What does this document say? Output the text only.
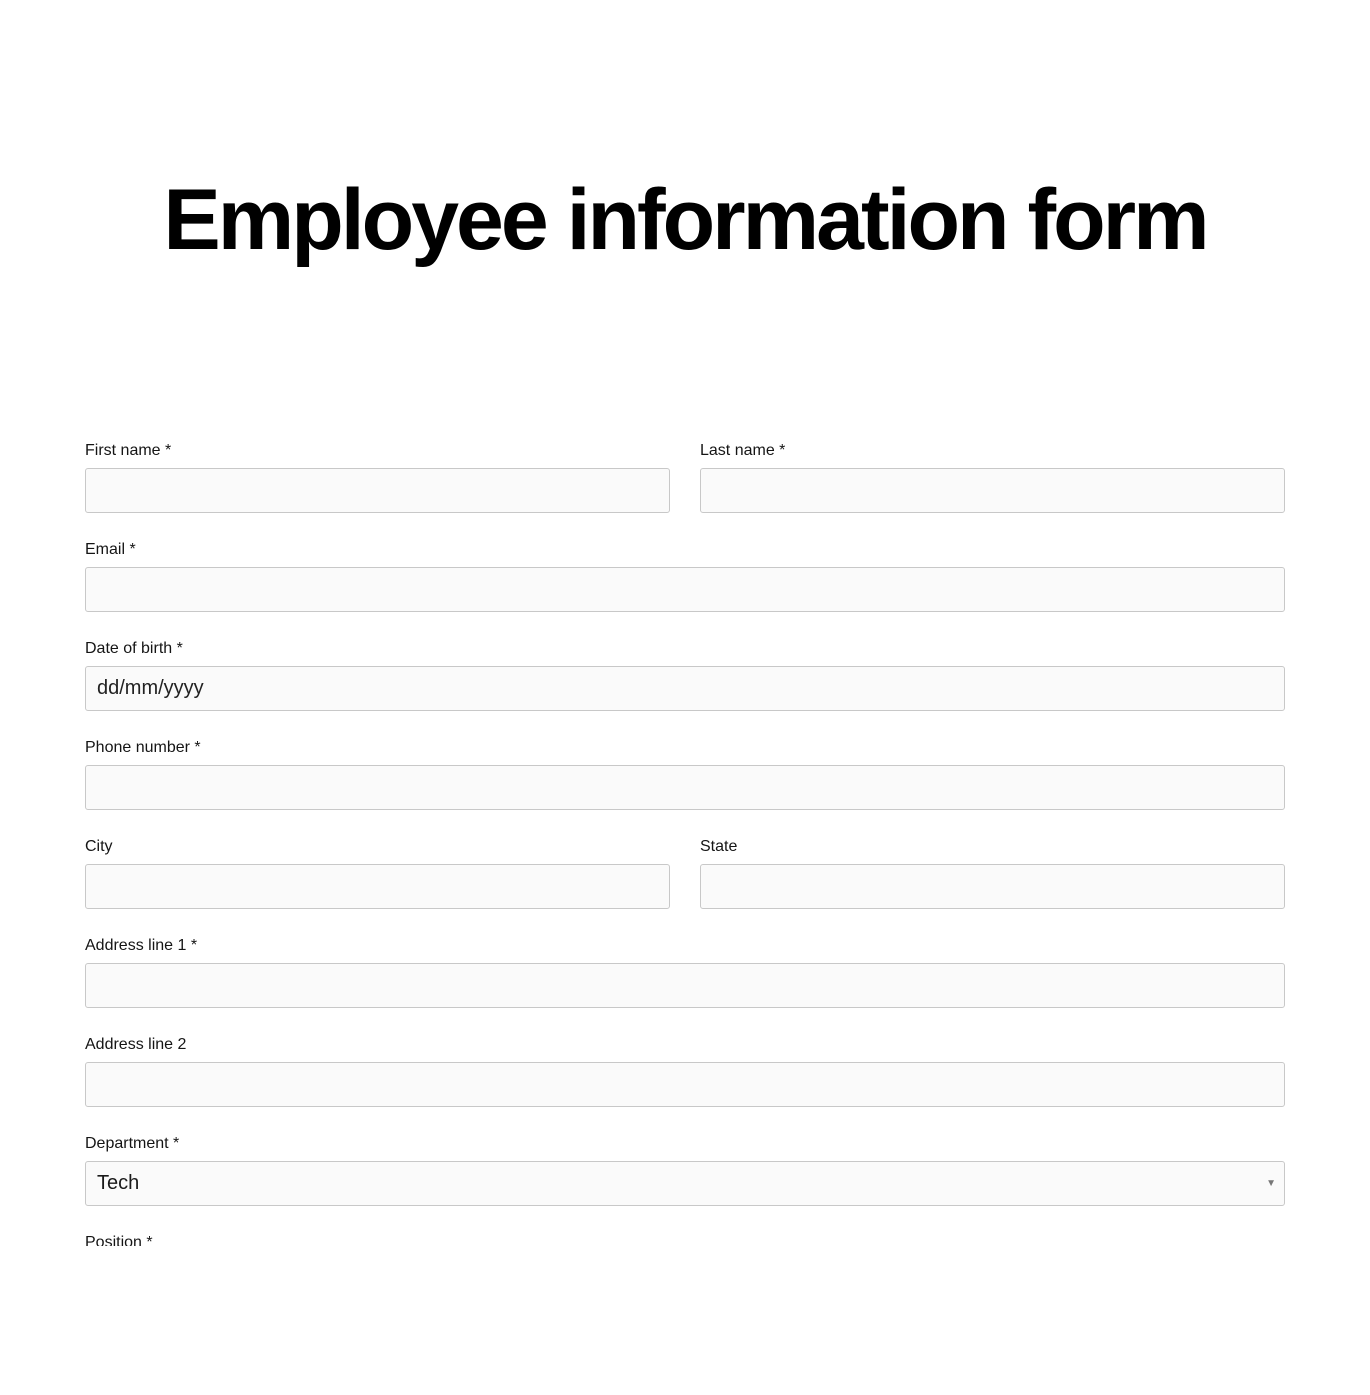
Employee information form
First name *	Last name *
Email *
Date of birth *
dd/mm/yyyy
Phone number *
City	State
Address line 1 *
Address line 2
Department *
Tech	▼
Position *
